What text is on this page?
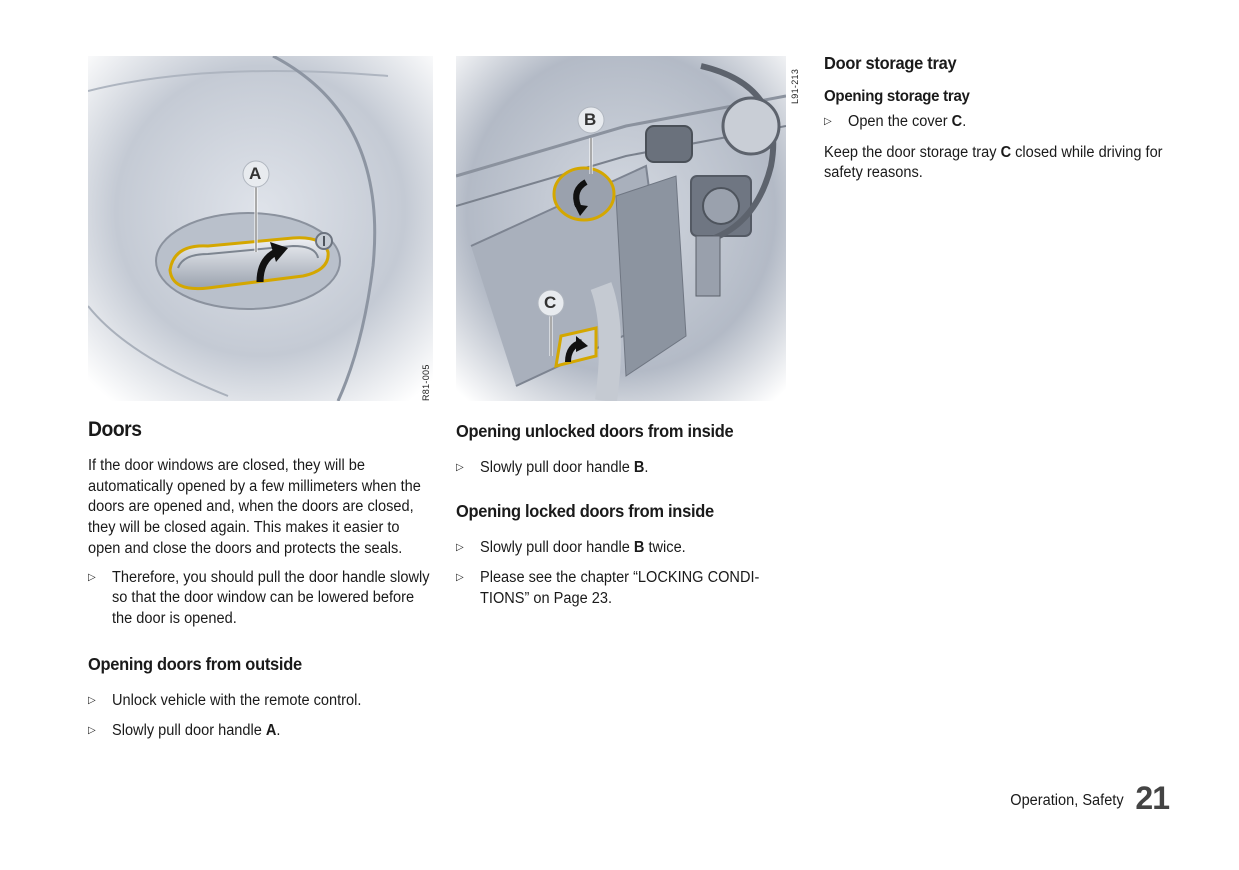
A
R81-005
B
C
L91-213
Doors

If the door windows are closed, they will be automatically opened by a few millimeters when the doors are opened and, when the doors are closed, they will be closed again. This makes it easier to open and close the doors and protects the seals.

▷ Therefore, you should pull the door handle slowly so that the door window can be lowered before the door is opened.
Opening doors from outside
▷ Unlock vehicle with the remote control.
▷ Slowly pull door handle A.
Opening unlocked doors from inside
▷ Slowly pull door handle B.
Opening locked doors from inside
▷ Slowly pull door handle B twice.
▷ Please see the chapter “LOCKING CONDI-TIONS” on Page 23.
Door storage tray
Opening storage tray
▷ Open the cover C.

Keep the door storage tray C closed while driving for safety reasons.

Operation, Safety 21
